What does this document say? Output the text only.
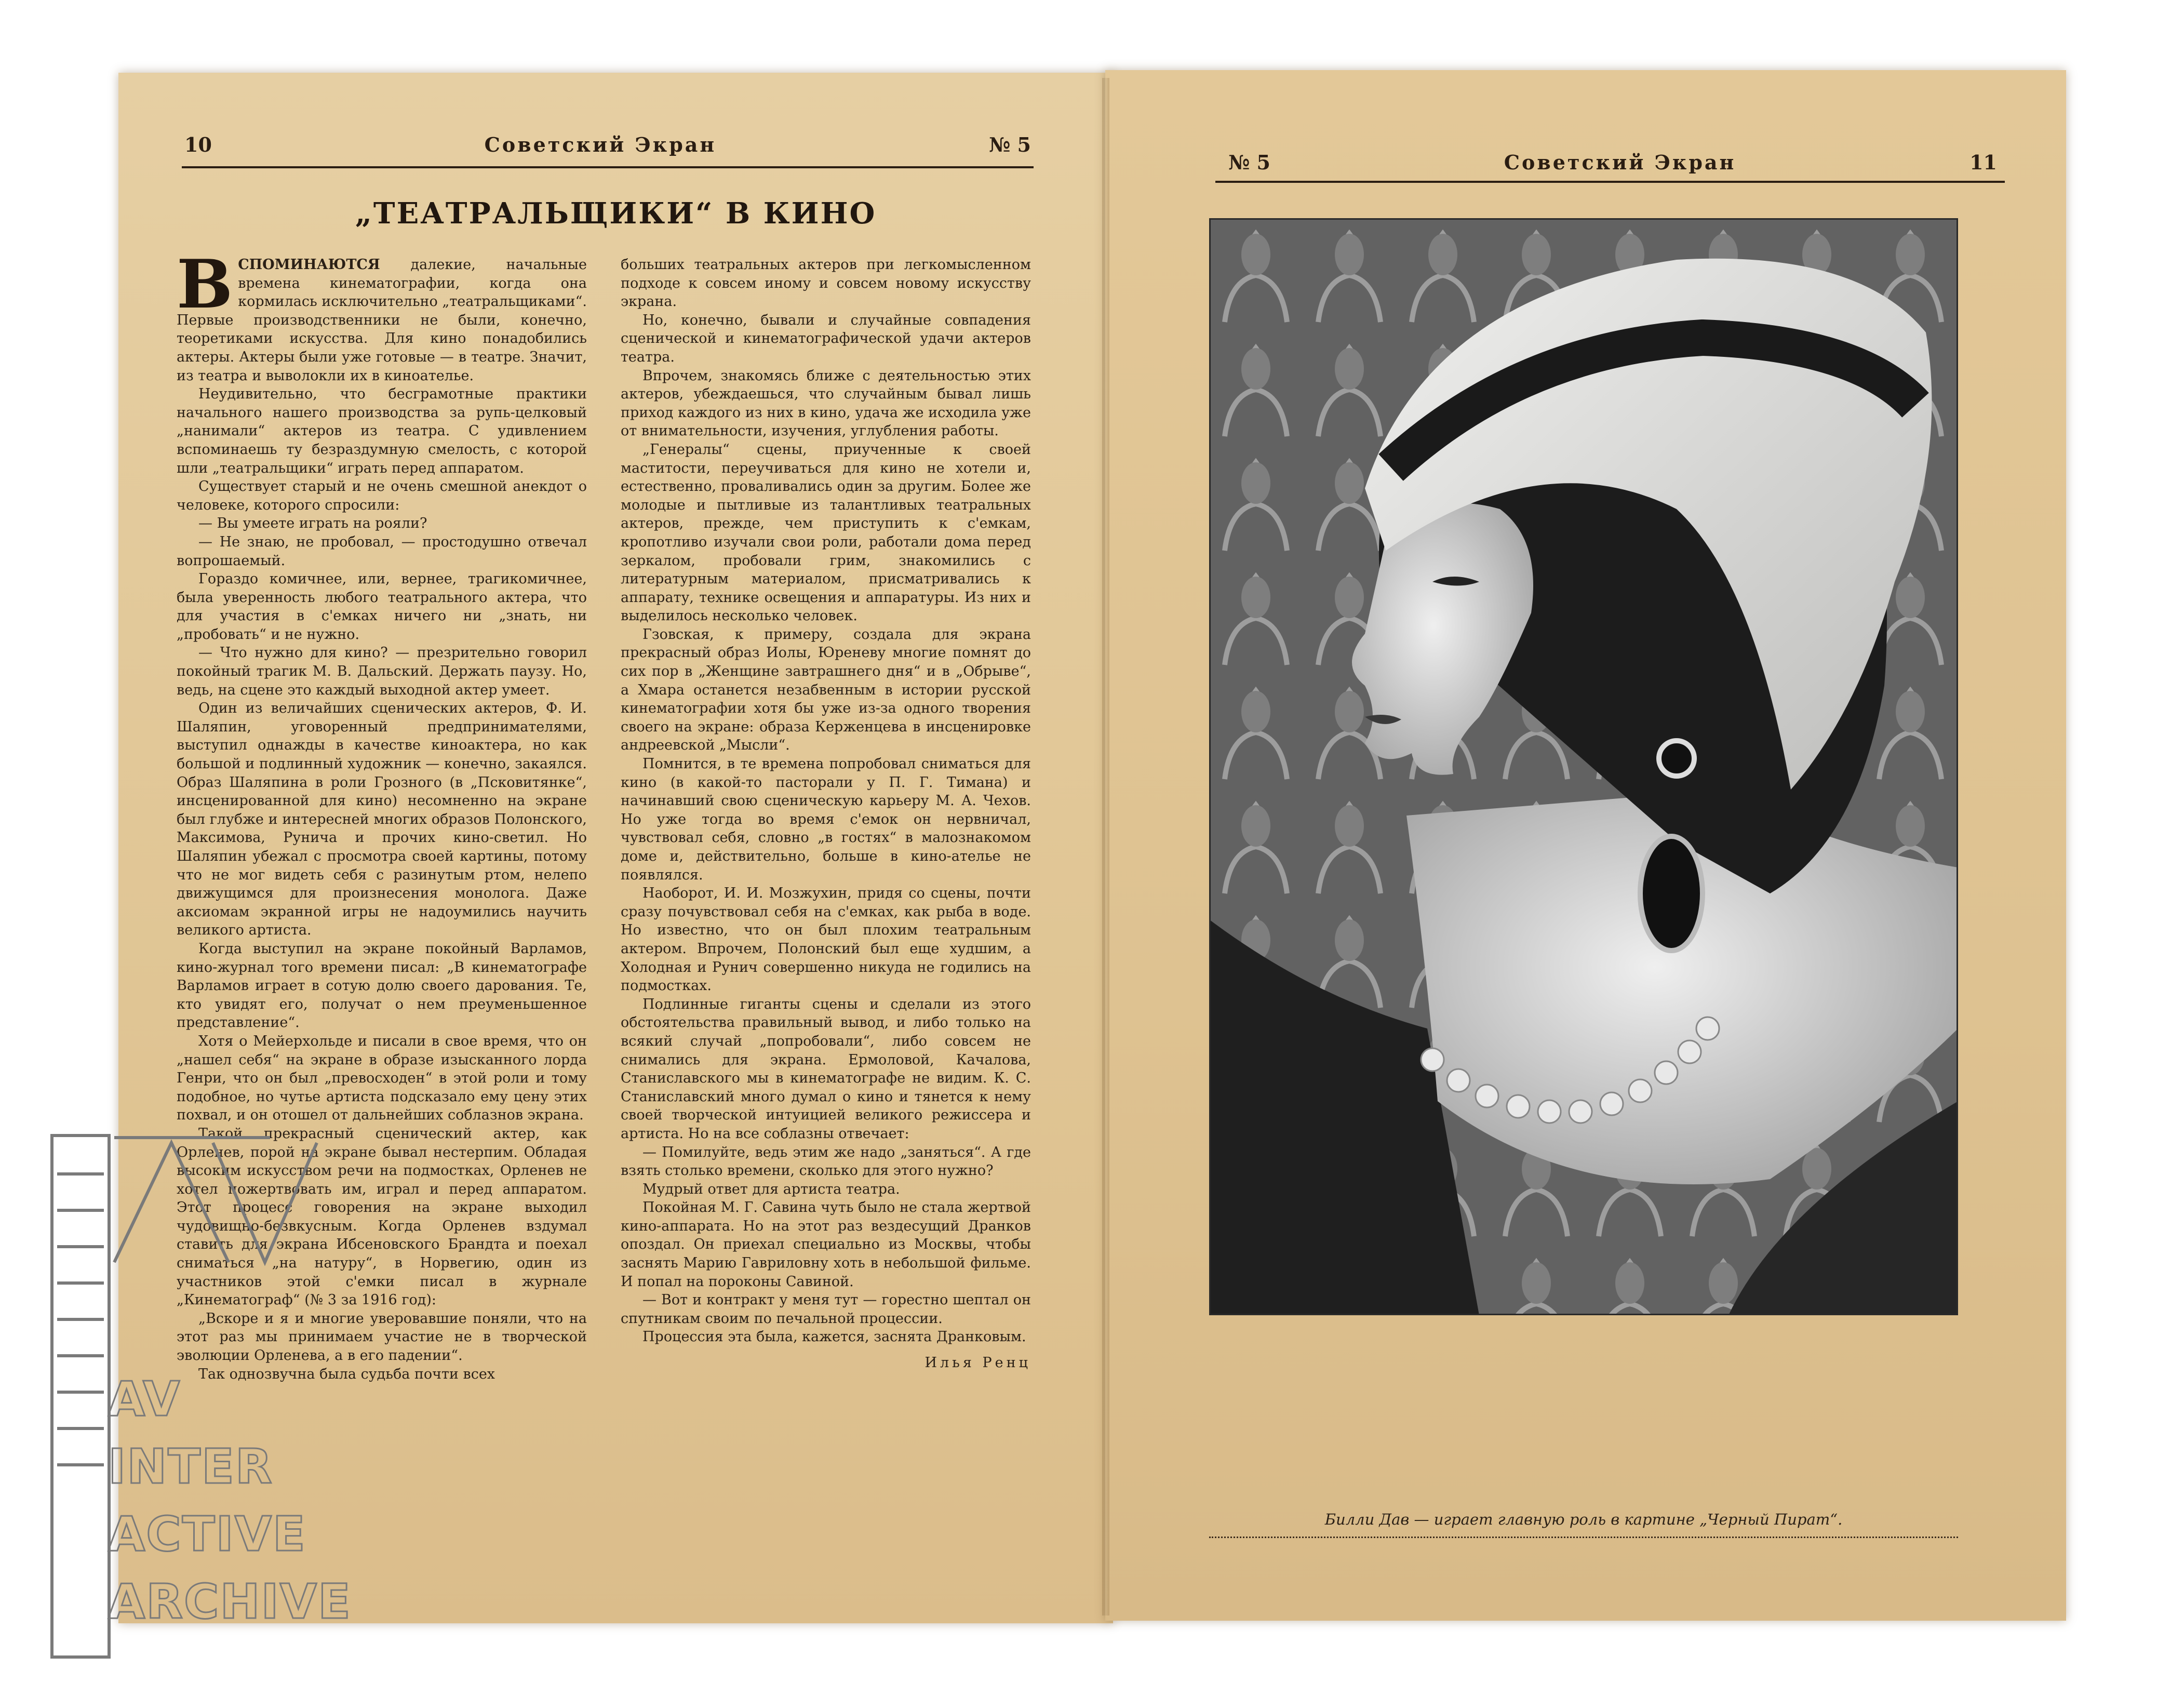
10	Советский Экран	№ 5
№ 5	Советский Экран	11
„ТЕАТРАЛЬЩИКИ“ В КИНО

ВСПОМИНАЮТСЯ далекие, начальные времена кинематографии, когда она кормилась исключительно „театральщиками“. Первые производственники не были, конечно, теоретиками искусства. Для кино понадобились актеры. Актеры были уже готовые — в театре. Значит, из театра и выволокли их в киноателье.

Неудивительно, что бесграмотные практики начального нашего производства за рупь-целковый „нанимали“ актеров из театра. С удивлением вспоминаешь ту безраздумную смелость, с которой шли „театральщики“ играть перед аппаратом.

Существует старый и не очень смешной анекдот о человеке, которого спросили:

— Вы умеете играть на рояли?

— Не знаю, не пробовал, — простодушно отвечал вопрошаемый.

Гораздо комичнее, или, вернее, трагикомичнее, была уверенность любого театрального актера, что для участия в с'емках ничего ни „знать, ни „пробовать“ и не нужно.

— Что нужно для кино? — презрительно говорил покойный трагик М. В. Дальский. Держать паузу. Но, ведь, на сцене это каждый выходной актер умеет.

Один из величайших сценических актеров, Ф. И. Шаляпин, уговоренный предпринимателями, выступил однажды в качестве киноактера, но как большой и подлинный художник — конечно, закаялся. Образ Шаляпина в роли Грозного (в „Псковитянке“, инсценированной для кино) несомненно на экране был глубже и интересней многих образов Полонского, Максимова, Рунича и прочих кино-светил. Но Шаляпин убежал с просмотра своей картины, потому что не мог видеть себя с разинутым ртом, нелепо движущимся для произнесения монолога. Даже аксиомам экранной игры не надоумились научить великого артиста.

Когда выступил на экране покойный Варламов, кино-журнал того времени писал: „В кинематографе Варламов играет в сотую долю своего дарования. Те, кто увидят его, получат о нем преуменьшенное представление“.

Хотя о Мейерхольде и писали в свое время, что он „нашел себя“ на экране в образе изысканного лорда Генри, что он был „превосходен“ в этой роли и тому подобное, но чутье артиста подсказало ему цену этих похвал, и он отошел от дальнейших соблазнов экрана.

Такой прекрасный сценический актер, как Орленев, порой на экране бывал нестерпим. Обладая высоким искусством речи на подмостках, Орленев не хотел пожертвовать им, играл и перед аппаратом. Этот процесс говорения на экране выходил чудовищно-безвкусным. Когда Орленев вздумал ставить для экрана Ибсеновского Брандта и поехал сниматься „на натуру“, в Норвегию, один из участников этой с'емки писал в журнале „Кинематограф“ (№ 3 за 1916 год):

„Вскоре и я и многие уверовавшие поняли, что на этот раз мы принимаем участие не в творческой эволюции Орленева, а в его падении“.

Так однозвучна была судьба почти всех

больших театральных актеров при легкомысленном подходе к совсем иному и совсем новому искусству экрана.

Но, конечно, бывали и случайные совпадения сценической и кинематографической удачи актеров театра.

Впрочем, знакомясь ближе с деятельностью этих актеров, убеждаешься, что случайным бывал лишь приход каждого из них в кино, удача же исходила уже от внимательности, изучения, углубления работы.

„Генералы“ сцены, приученные к своей маститости, переучиваться для кино не хотели и, естественно, проваливались один за другим. Более же молодые и пытливые из талантливых театральных актеров, прежде, чем приступить к с'емкам, кропотливо изучали свои роли, работали дома перед зеркалом, пробовали грим, знакомились с литературным материалом, присматривались к аппарату, технике освещения и аппаратуры. Из них и выделилось несколько человек.

Гзовская, к примеру, создала для экрана прекрасный образ Иолы, Юреневу многие помнят до сих пор в „Женщине завтрашнего дня“ и в „Обрыве“, а Хмара останется незабвенным в истории русской кинематографии хотя бы уже из-за одного творения своего на экране: образа Керженцева в инсценировке андреевской „Мысли“.

Помнится, в те времена попробовал сниматься для кино (в какой-то пасторали у П. Г. Тимана) и начинавший свою сценическую карьеру М. А. Чехов. Но уже тогда во время с'емок он нервничал, чувствовал себя, словно „в гостях“ в малознакомом доме и, действительно, больше в кино-ателье не появлялся.

Наоборот, И. И. Мозжухин, придя со сцены, почти сразу почувствовал себя на с'емках, как рыба в воде. Но известно, что он был плохим театральным актером. Впрочем, Полонский был еще худшим, а Холодная и Рунич совершенно никуда не годились на подмостках.

Подлинные гиганты сцены и сделали из этого обстоятельства правильный вывод, и либо только на всякий случай „попробовали“, либо совсем не снимались для экрана. Ермоловой, Качалова, Станиславского мы в кинематографе не видим. К. С. Станиславский много думал о кино и тянется к нему своей творческой интуицией великого режиссера и артиста. Но на все соблазны отвечает:

— Помилуйте, ведь этим же надо „заняться“. А где взять столько времени, сколько для этого нужно?

Мудрый ответ для артиста театра.

Покойная М. Г. Савина чуть было не стала жертвой кино-аппарата. Но на этот раз вездесущий Дранков опоздал. Он приехал специально из Москвы, чтобы заснять Марию Гавриловну хоть в небольшой фильме. И попал на пороконы Савиной.

— Вот и контракт у меня тут — горестно шептал он спутникам своим по печальной процессии.

Процессия эта была, кажется, заснята Дранковым.

Илья Ренц

Билли Дав — играет главную роль в картине „Черный Пират“.
AV
INTER
ACTIVE
ARCHIVE
